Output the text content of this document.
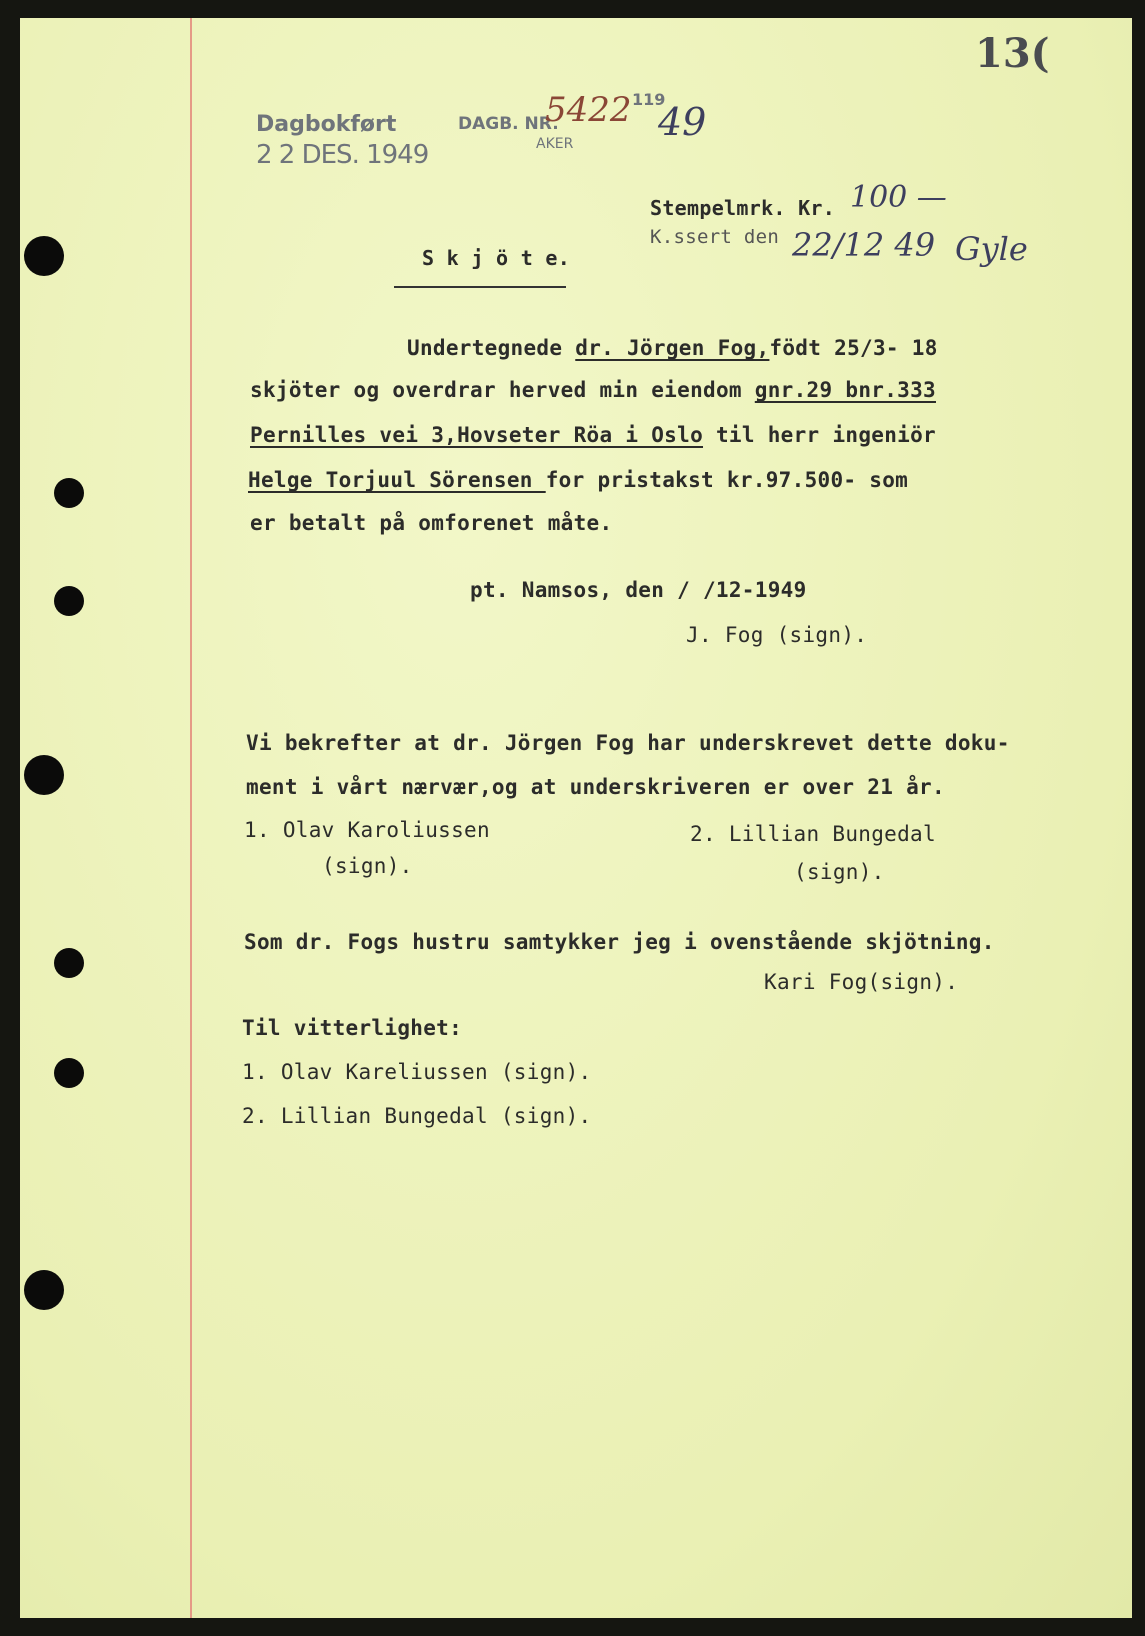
13(
Dagbokført
2 2 DES. 1949
DAGB. NR.
5422 119
49
AKER
Stempelmrk. Kr. 100 —
K.ssert den 22/12 49 Gyle
S k j ö t e.
Undertegnede dr. Jörgen Fog,födt 25/3- 18
skjöter og overdrar herved min eiendom gnr.29 bnr.333
Pernilles vei 3,Hovseter Röa i Oslo til herr ingeniör
Helge Torjuul Sörensen for pristakst kr.97.500- som
er betalt på omforenet måte.
pt. Namsos, den / /12-1949
J. Fog (sign).
Vi bekrefter at dr. Jörgen Fog har underskrevet dette doku-
ment i vårt nærvær,og at underskriveren er over 21 år.
1. Olav Karoliussen
(sign).
2. Lillian Bungedal
(sign).
Som dr. Fogs hustru samtykker jeg i ovenstående skjötning.
Kari Fog(sign).
Til vitterlighet:
1. Olav Kareliussen (sign).
2. Lillian Bungedal (sign).
